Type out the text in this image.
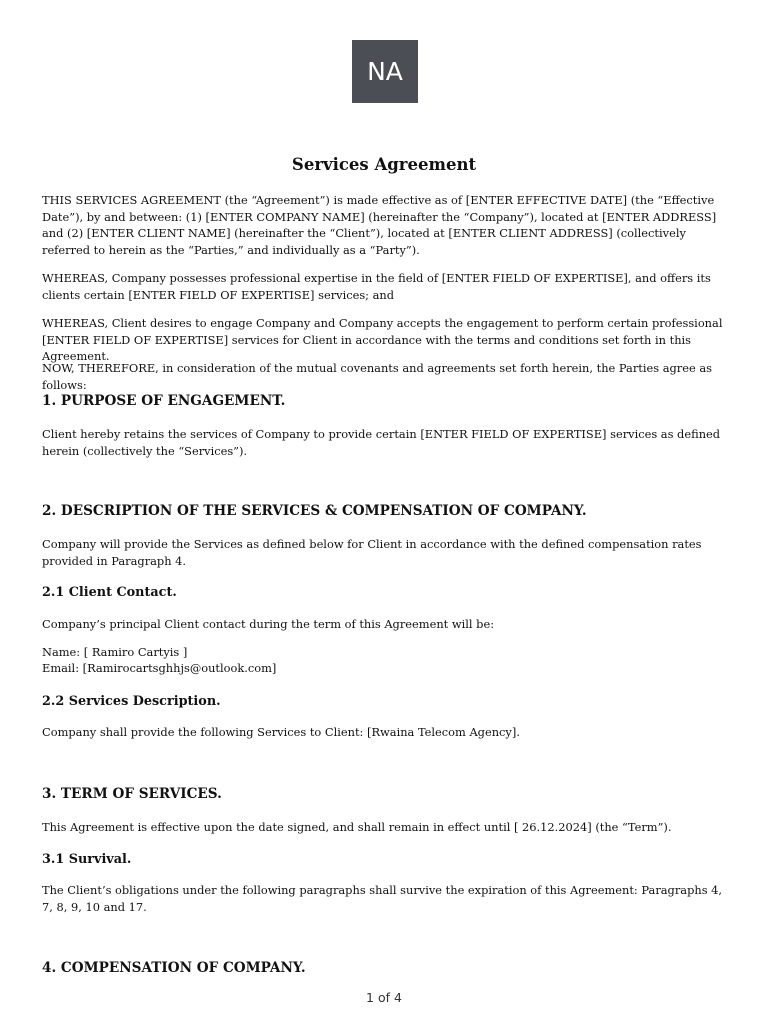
NA
Services Agreement

THIS SERVICES AGREEMENT (the “Agreement”) is made effective as of [ENTER EFFECTIVE DATE] (the “Effective Date”), by and between: (1) [ENTER COMPANY NAME] (hereinafter the “Company”), located at [ENTER ADDRESS] and (2) [ENTER CLIENT NAME] (hereinafter the “Client”), located at [ENTER CLIENT ADDRESS] (collectively referred to herein as the “Parties,” and individually as a “Party”).

WHEREAS, Company possesses professional expertise in the field of [ENTER FIELD OF EXPERTISE], and offers its clients certain [ENTER FIELD OF EXPERTISE] services; and

WHEREAS, Client desires to engage Company and Company accepts the engagement to perform certain professional [ENTER FIELD OF EXPERTISE] services for Client in accordance with the terms and conditions set forth in this Agreement.

NOW, THEREFORE, in consideration of the mutual covenants and agreements set forth herein, the Parties agree as follows:

1. PURPOSE OF ENGAGEMENT.

Client hereby retains the services of Company to provide certain [ENTER FIELD OF EXPERTISE] services as defined herein (collectively the “Services”).

2. DESCRIPTION OF THE SERVICES & COMPENSATION OF COMPANY.

Company will provide the Services as defined below for Client in accordance with the defined compensation rates provided in Paragraph 4.

2.1 Client Contact.

Company’s principal Client contact during the term of this Agreement will be:

Name: [ Ramiro Cartyis ]

Email: [Ramirocartsghhjs@outlook.com]

2.2 Services Description.

Company shall provide the following Services to Client: [Rwaina Telecom Agency].

3. TERM OF SERVICES.

This Agreement is effective upon the date signed, and shall remain in effect until [ 26.12.2024] (the “Term”).

3.1 Survival.

The Client’s obligations under the following paragraphs shall survive the expiration of this Agreement: Paragraphs 4, 7, 8, 9, 10 and 17.

4. COMPENSATION OF COMPANY.
1 of 4
